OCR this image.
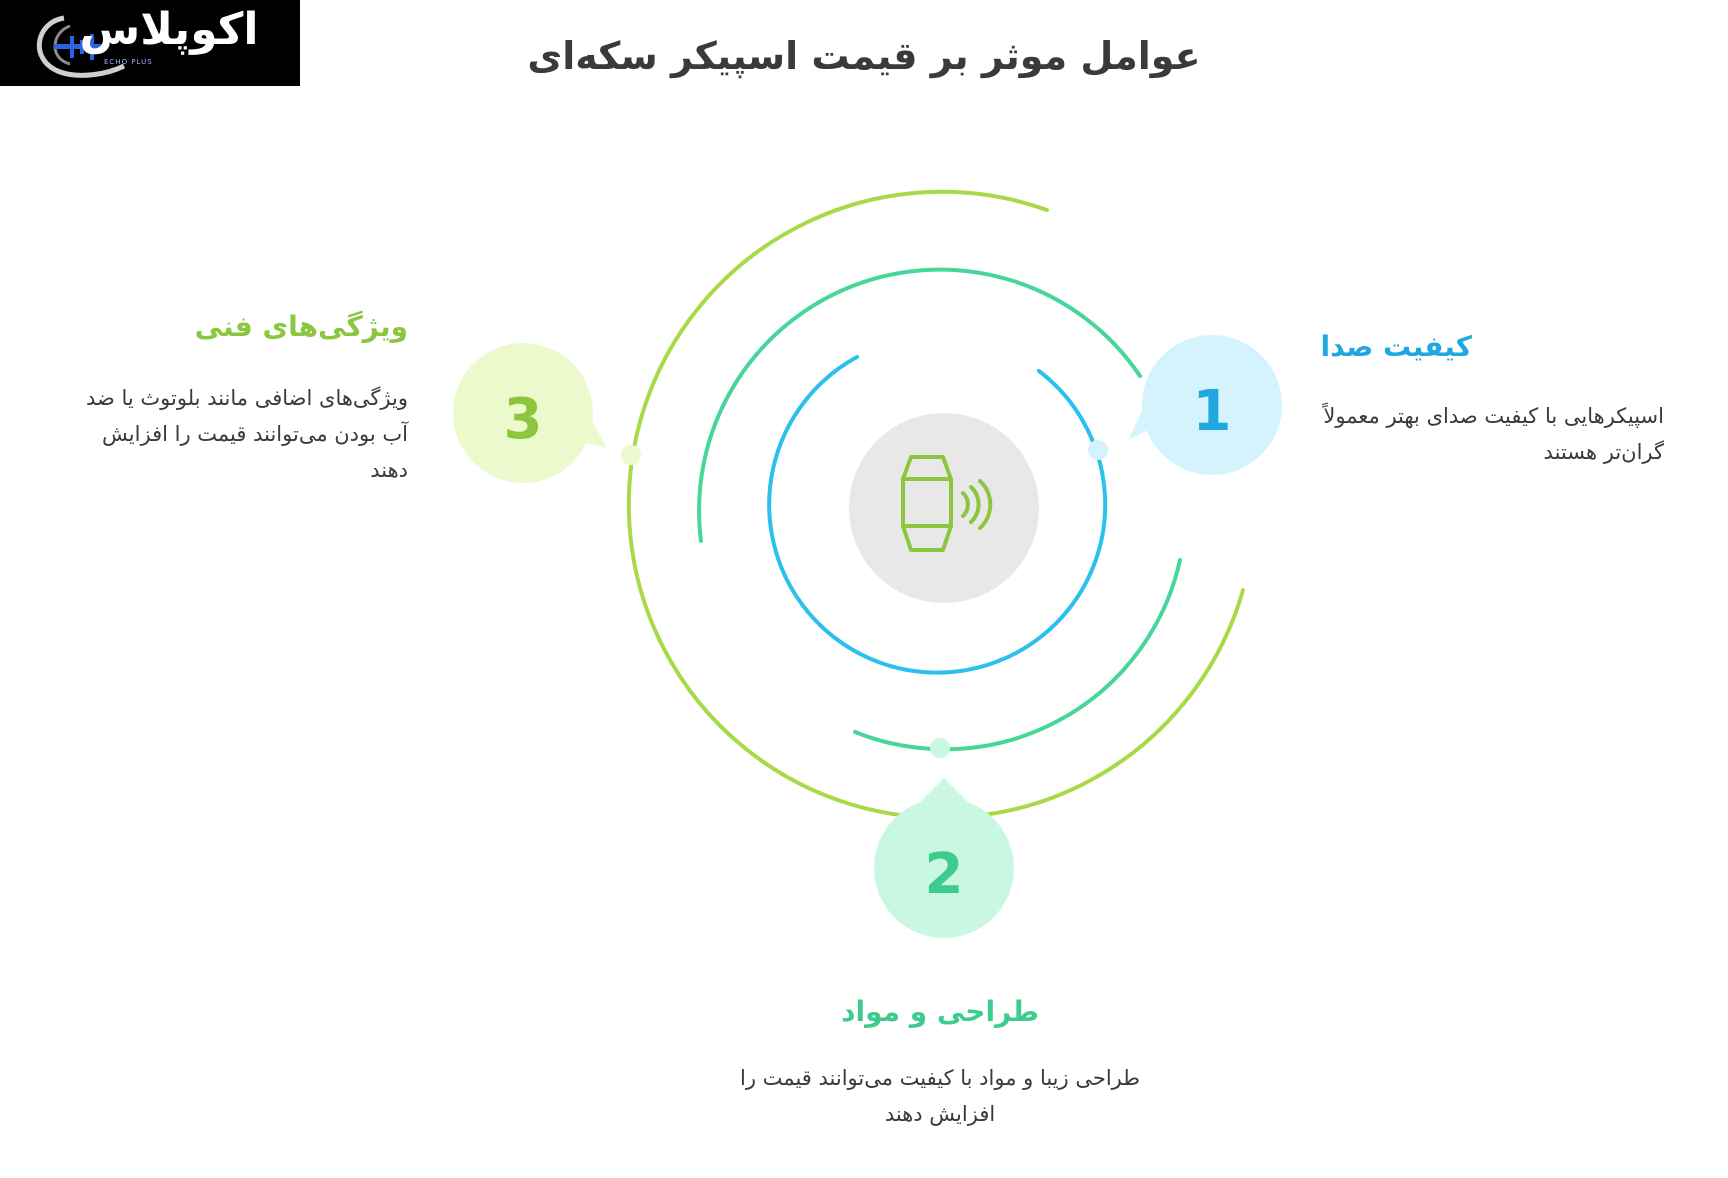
اکوپلاس
ECHO PLUS	عوامل موثر بر قیمت اسپیکر سکه‌ای
1
2
3
کیفیت صدا
اسپیکرهایی با کیفیت صدای بهتر معمولاً گران‌تر هستند
طراحی و مواد
طراحی زیبا و مواد با کیفیت می‌توانند قیمت را افزایش دهند
ویژگی‌های فنی
ویژگی‌های اضافی مانند بلوتوث یا ضد آب بودن می‌توانند قیمت را افزایش دهند
